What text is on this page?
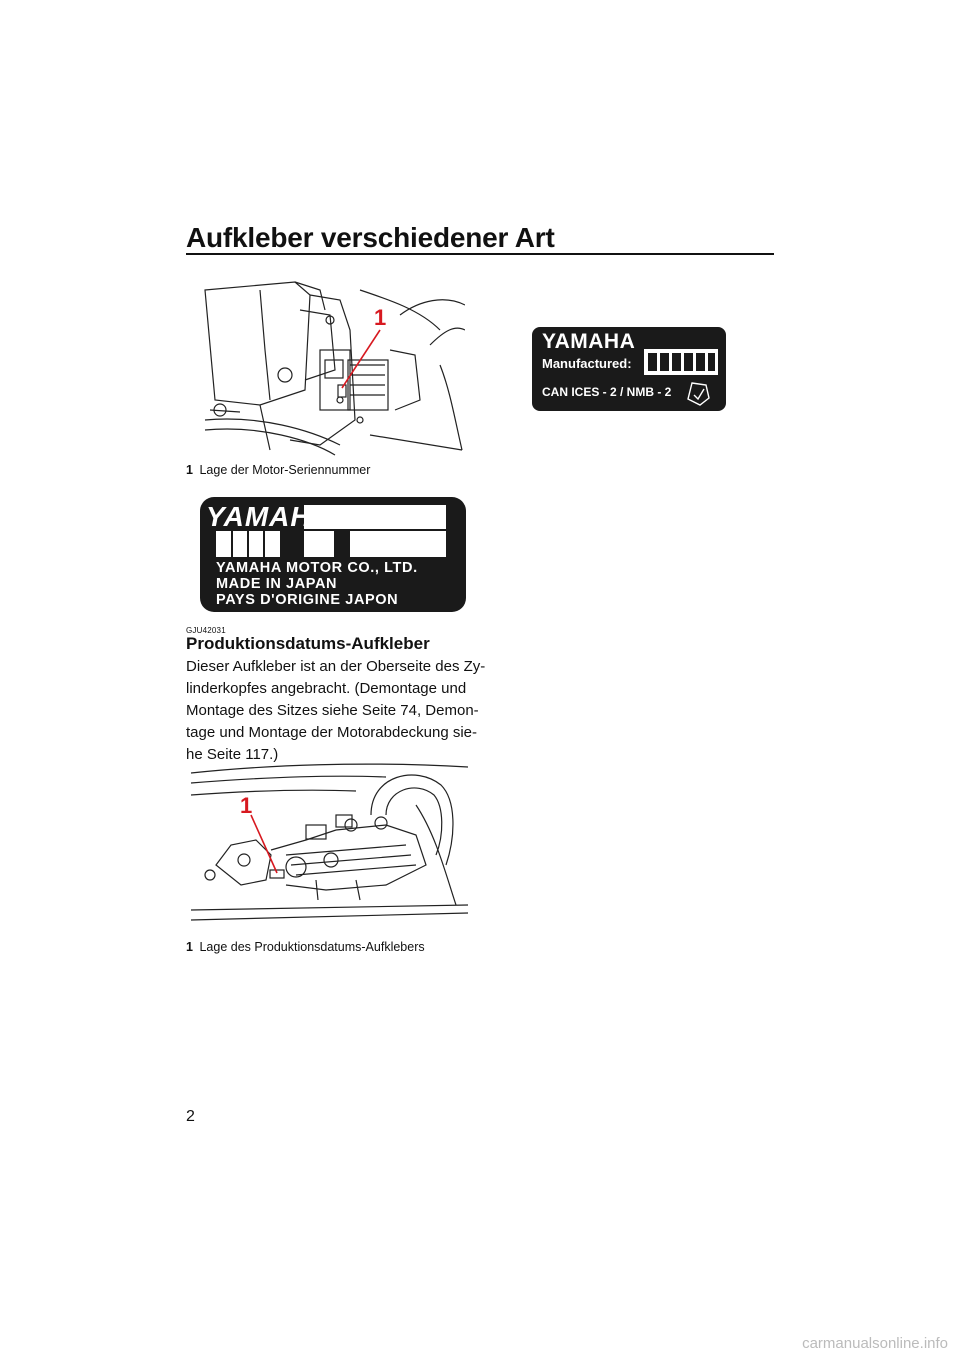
Aufkleber verschiedener Art
1
1 Lage der Motor-Seriennummer
YAMAHA
YAMAHA MOTOR CO., LTD.
MADE IN JAPAN
PAYS D'ORIGINE JAPON
YAMAHA
Manufactured:
CAN ICES - 2 / NMB - 2
GJU42031
Produktionsdatums-Aufkleber
Dieser Aufkleber ist an der Oberseite des Zy-
linderkopfes angebracht. (Demontage und
Montage des Sitzes siehe Seite 74, Demon-
tage und Montage der Motorabdeckung sie-
he Seite 117.)
1
1 Lage des Produktionsdatums-Aufklebers
2
carmanualsonline.info
